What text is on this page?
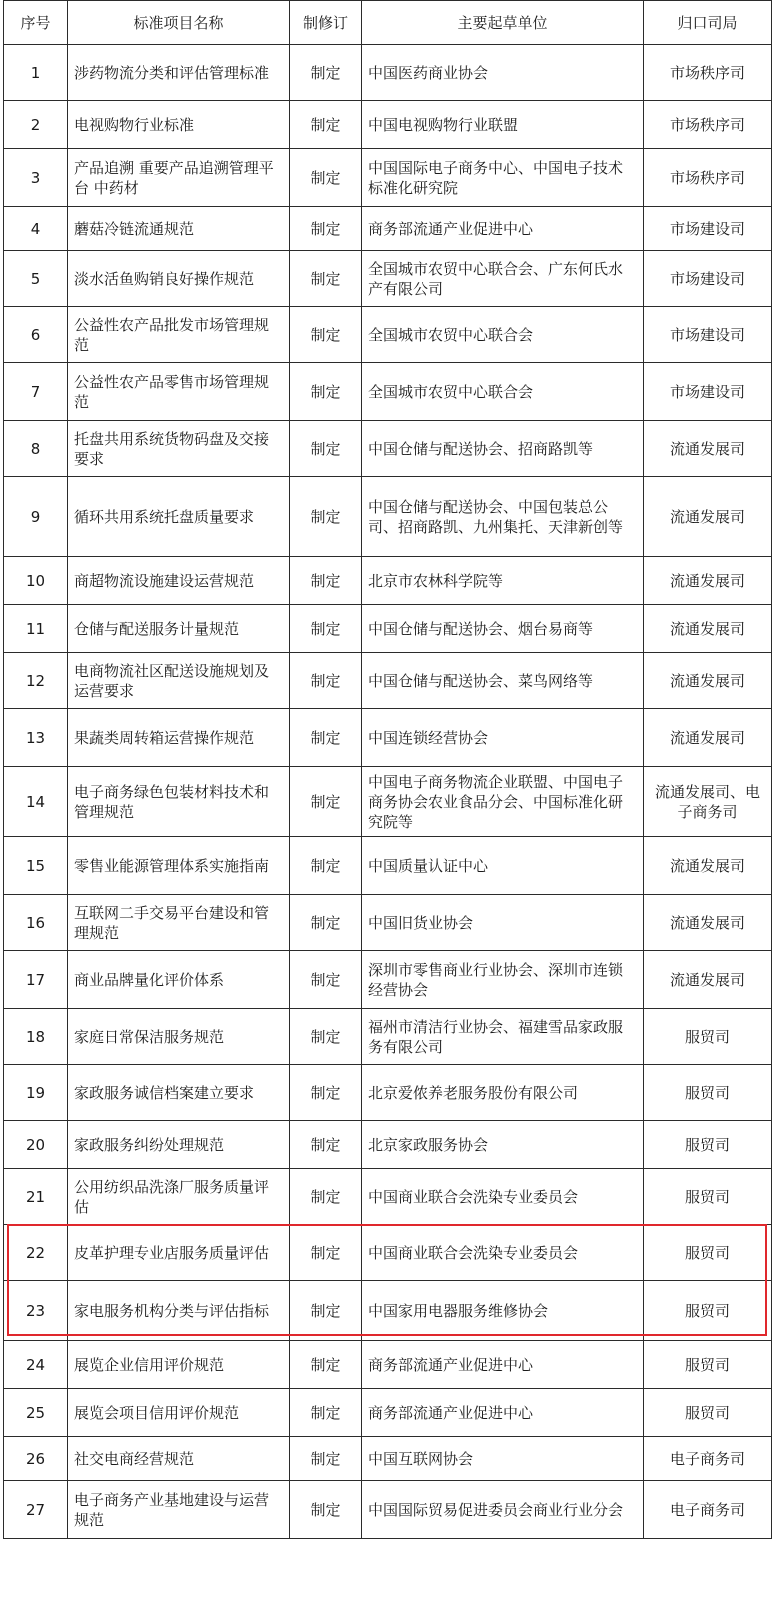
序号	标准项目名称	制修订	主要起草单位	归口司局
1	涉药物流分类和评估管理标准	制定	中国医药商业协会	市场秩序司
2	电视购物行业标准	制定	中国电视购物行业联盟	市场秩序司
3	产品追溯 重要产品追溯管理平台 中药材	制定	中国国际电子商务中心、中国电子技术标准化研究院	市场秩序司
4	蘑菇冷链流通规范	制定	商务部流通产业促进中心	市场建设司
5	淡水活鱼购销良好操作规范	制定	全国城市农贸中心联合会、广东何氏水产有限公司	市场建设司
6	公益性农产品批发市场管理规范	制定	全国城市农贸中心联合会	市场建设司
7	公益性农产品零售市场管理规范	制定	全国城市农贸中心联合会	市场建设司
8	托盘共用系统货物码盘及交接要求	制定	中国仓储与配送协会、招商路凯等	流通发展司
9	循环共用系统托盘质量要求	制定	中国仓储与配送协会、中国包装总公司、招商路凯、九州集托、天津新创等	流通发展司
10	商超物流设施建设运营规范	制定	北京市农林科学院等	流通发展司
11	仓储与配送服务计量规范	制定	中国仓储与配送协会、烟台易商等	流通发展司
12	电商物流社区配送设施规划及运营要求	制定	中国仓储与配送协会、菜鸟网络等	流通发展司
13	果蔬类周转箱运营操作规范	制定	中国连锁经营协会	流通发展司
14	电子商务绿色包装材料技术和管理规范	制定	中国电子商务物流企业联盟、中国电子商务协会农业食品分会、中国标准化研究院等	流通发展司、电子商务司
15	零售业能源管理体系实施指南	制定	中国质量认证中心	流通发展司
16	互联网二手交易平台建设和管理规范	制定	中国旧货业协会	流通发展司
17	商业品牌量化评价体系	制定	深圳市零售商业行业协会、深圳市连锁经营协会	流通发展司
18	家庭日常保洁服务规范	制定	福州市清洁行业协会、福建雪品家政服务有限公司	服贸司
19	家政服务诚信档案建立要求	制定	北京爱侬养老服务股份有限公司	服贸司
20	家政服务纠纷处理规范	制定	北京家政服务协会	服贸司
21	公用纺织品洗涤厂服务质量评估	制定	中国商业联合会洗染专业委员会	服贸司
22	皮革护理专业店服务质量评估	制定	中国商业联合会洗染专业委员会	服贸司
23	家电服务机构分类与评估指标	制定	中国家用电器服务维修协会	服贸司
24	展览企业信用评价规范	制定	商务部流通产业促进中心	服贸司
25	展览会项目信用评价规范	制定	商务部流通产业促进中心	服贸司
26	社交电商经营规范	制定	中国互联网协会	电子商务司
27	电子商务产业基地建设与运营规范	制定	中国国际贸易促进委员会商业行业分会	电子商务司
